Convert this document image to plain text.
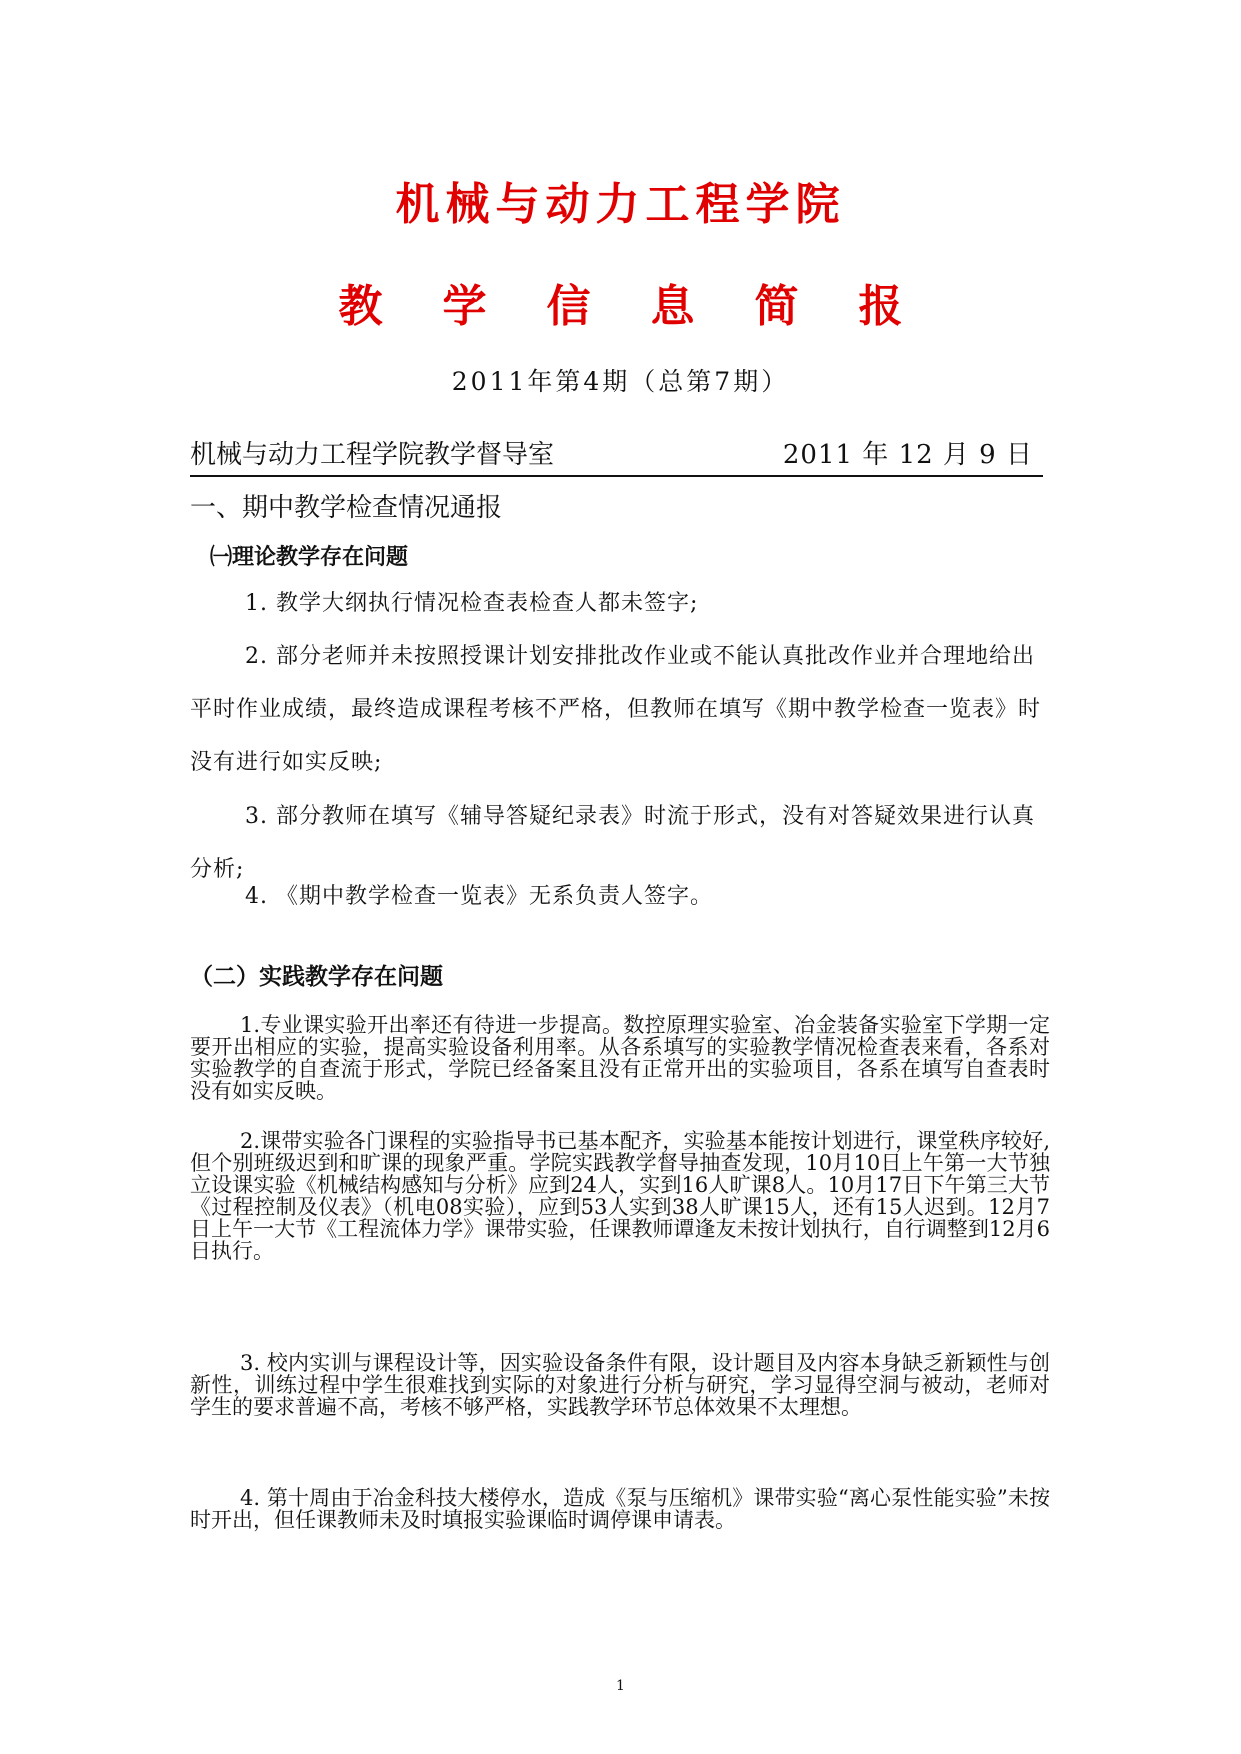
机械与动力工程学院
教学信息简报
2011年第4期（总第7期）
机械与动力工程学院教学督导室	2011 年 12 月 9 日
一、期中教学检查情况通报
㈠理论教学存在问题
1. 教学大纲执行情况检查表检查人都未签字;
2. 部分老师并未按照授课计划安排批改作业或不能认真批改作业并合理地给出平时作业成绩，最终造成课程考核不严格，但教师在填写《期中教学检查一览表》时没有进行如实反映;
3. 部分教师在填写《辅导答疑纪录表》时流于形式，没有对答疑效果进行认真分析;
4. 《期中教学检查一览表》无系负责人签字。
（二）实践教学存在问题
1.专业课实验开出率还有待进一步提高。数控原理实验室、冶金装备实验室下学期一定要开出相应的实验，提高实验设备利用率。从各系填写的实验教学情况检查表来看，各系对实验教学的自查流于形式，学院已经备案且没有正常开出的实验项目，各系在填写自查表时没有如实反映。
2.课带实验各门课程的实验指导书已基本配齐，实验基本能按计划进行，课堂秩序较好,但个别班级迟到和旷课的现象严重。学院实践教学督导抽查发现，10月10日上午第一大节独立设课实验《机械结构感知与分析》应到24人，实到16人旷课8人。10月17日下午第三大节《过程控制及仪表》（机电08实验），应到53人实到38人旷课15人，还有15人迟到。12月7日上午一大节《工程流体力学》课带实验，任课教师谭逢友未按计划执行，自行调整到12月6日执行。
3. 校内实训与课程设计等，因实验设备条件有限，设计题目及内容本身缺乏新颖性与创新性，训练过程中学生很难找到实际的对象进行分析与研究，学习显得空洞与被动，老师对学生的要求普遍不高，考核不够严格，实践教学环节总体效果不太理想。
4. 第十周由于冶金科技大楼停水，造成《泵与压缩机》课带实验“离心泵性能实验”未按时开出，但任课教师未及时填报实验课临时调停课申请表。
1
